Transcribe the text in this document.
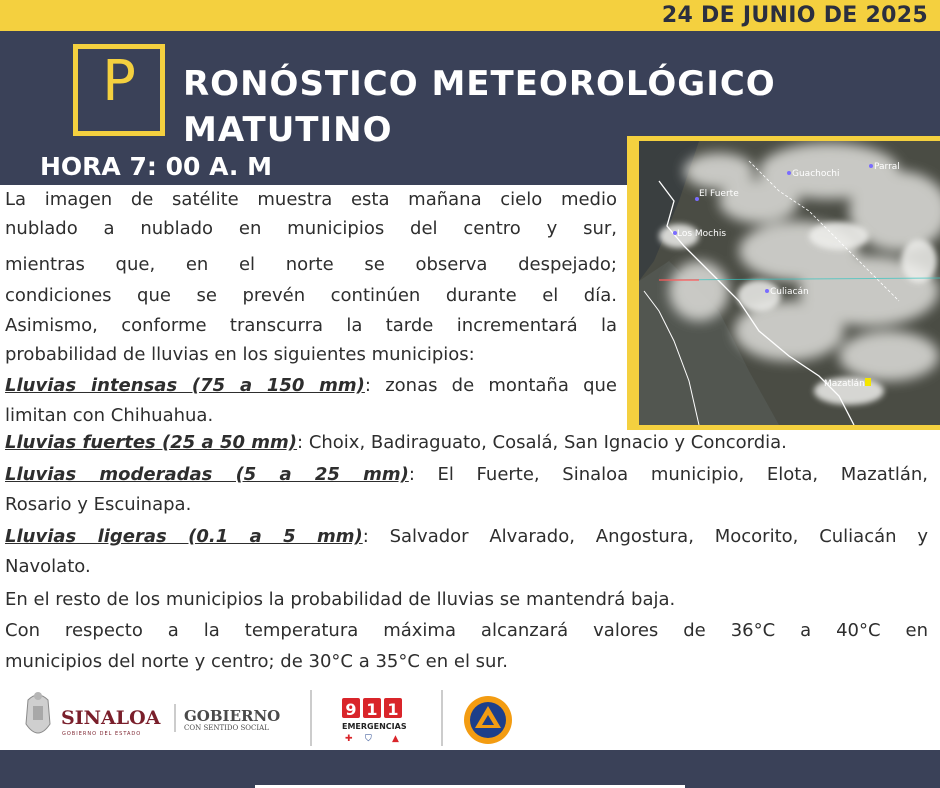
24 DE JUNIO DE 2025
P	RONÓSTICO METEOROLÓGICO
MATUTINO
HORA 7: 00 A. M	Guachochi
Parral
El Fuerte
Los Mochis
Culiacán
Mazatlán
La imagen de satélite muestra esta mañana cielo medio
nublado a nublado en municipios del centro y sur,
mientras que, en el norte se observa despejado;
condiciones que se prevén continúen durante el día.
Asimismo, conforme transcurra la tarde incrementará la
probabilidad de lluvias en los siguientes municipios:
Lluvias intensas (75 a 150 mm): zonas de montaña que
limitan con Chihuahua.
Lluvias fuertes (25 a 50 mm): Choix, Badiraguato, Cosalá, San Ignacio y Concordia.
Lluvias moderadas (5 a 25 mm): El Fuerte, Sinaloa municipio, Elota, Mazatlán,
Rosario y Escuinapa.
Lluvias ligeras (0.1 a 5 mm): Salvador Alvarado, Angostura, Mocorito, Culiacán y
Navolato.
En el resto de los municipios la probabilidad de lluvias se mantendrá baja.
Con respecto a la temperatura máxima alcanzará valores de 36°C a 40°C en
municipios del norte y centro; de 30°C a 35°C en el sur.
SINALOA
GOBIERNO DEL ESTADO
GOBIERNO
CON SENTIDO SOCIAL
9 1 1
EMERGENCIAS
✚ ⛉ ▲
